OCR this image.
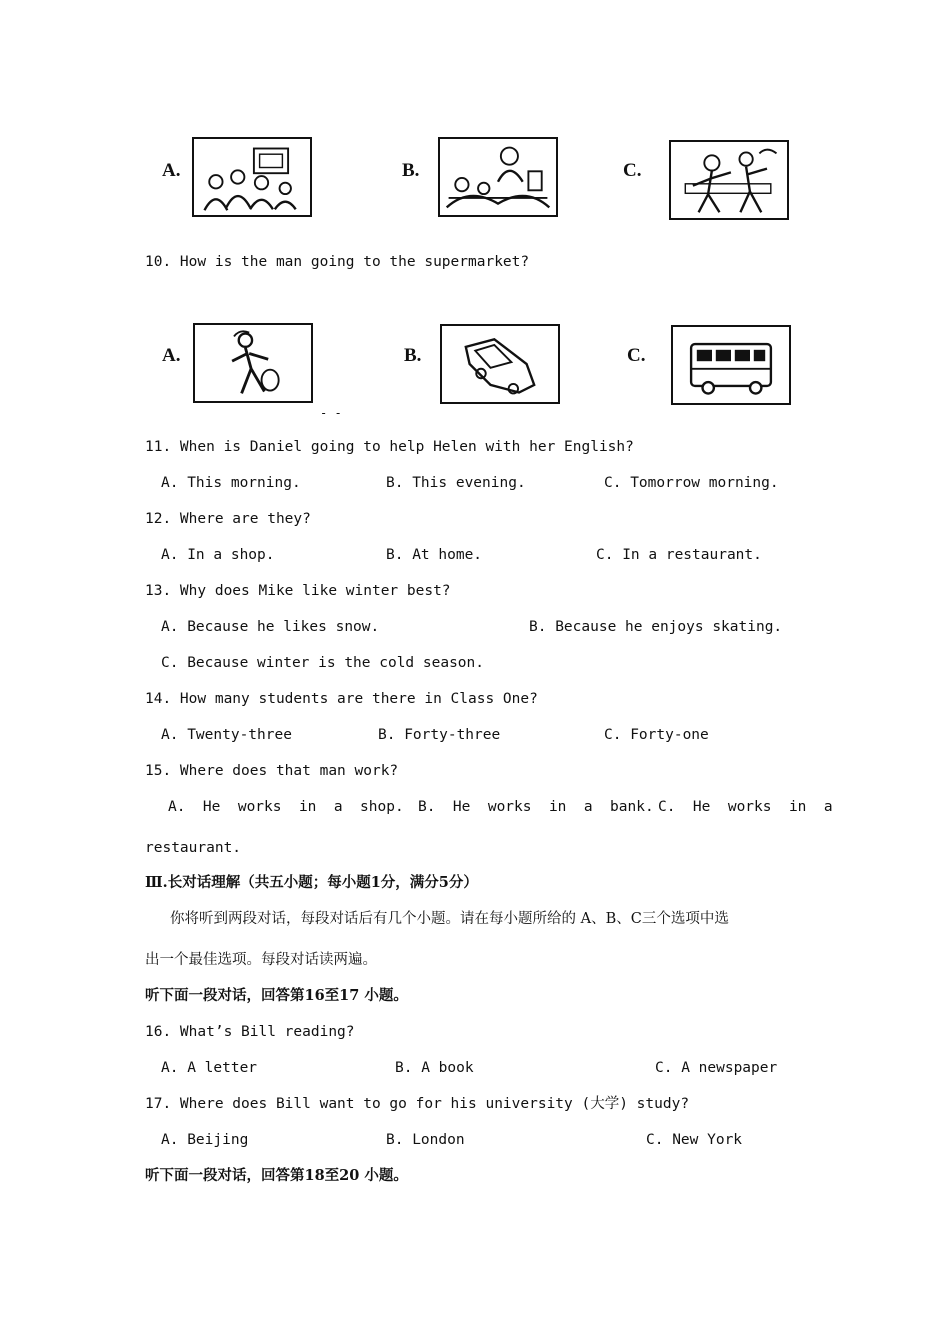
A.	B.	C.
10. How is the man going to the supermarket?
A.	B.	C.
- -
11. When is Daniel going to help Helen with her English?
A. This morning.	B. This evening.	C. Tomorrow morning.
12. Where are they?
A. In a shop.	B. At home.	C. In a restaurant.
13. Why does Mike like winter best?
A. Because he likes snow.	B. Because he enjoys skating.
C. Because winter is the cold season.
14. How many students are there in Class One?
A. Twenty-three	B. Forty-three	C. Forty-one
15. Where does that man work?
A.  He  works  in  a  shop. B.  He  works  in  a  bank. C.  He  works  in  a
restaurant.
Ⅲ.长对话理解（共五小题；每小题1分，满分5分）
你将听到两段对话，每段对话后有几个小题。请在每小题所给的 A、B、C三个选项中选
出一个最佳选项。每段对话读两遍。
听下面一段对话，回答第16至17 小题。
16. What’s Bill reading?
A. A letter	B. A book	C. A newspaper
17. Where does Bill want to go for his university (大学) study?
A. Beijing	B. London	C. New York
听下面一段对话，回答第18至20 小题。
